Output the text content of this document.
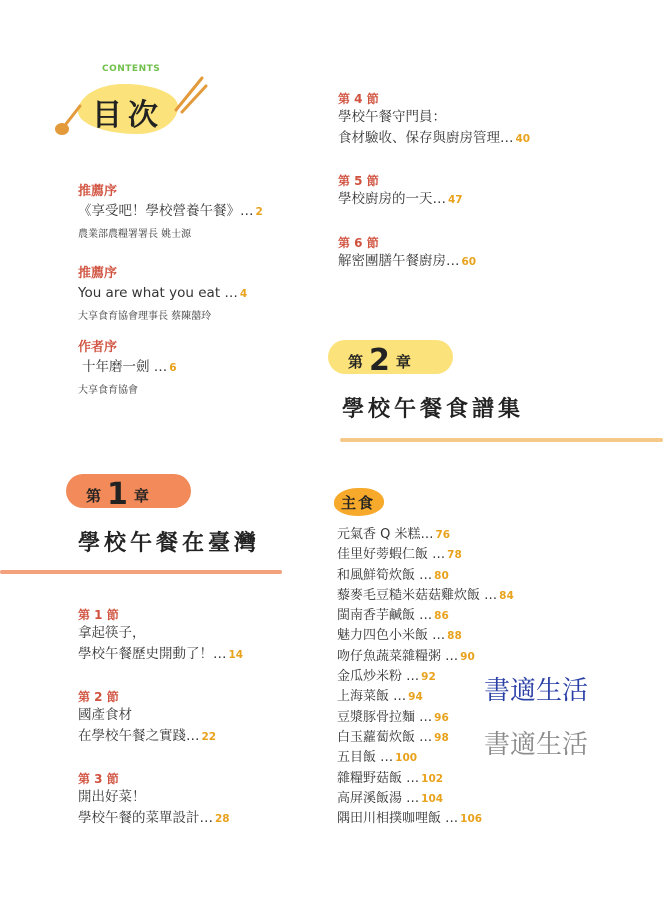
CONTENTS
目次
推薦序
《享受吧！學校營養午餐》… 2
農業部農糧署署長 姚士源
推薦序
You are what you eat … 4
大享食育協會理事長 蔡陳囍玲
作者序
十年磨一劍 … 6
大享食育協會
第 1 章
學校午餐在臺灣
第 1 節
拿起筷子，
學校午餐歷史開動了！… 14
第 2 節
國產食材
在學校午餐之實踐… 22
第 3 節
開出好菜！
學校午餐的菜單設計… 28
第 4 節
學校午餐守門員：
食材驗收、保存與廚房管理… 40
第 5 節
學校廚房的一天… 47
第 6 節
解密團膳午餐廚房… 60
第 2 章
學校午餐食譜集
主食
元氣香 Q 米糕… 76
佳里好蒡蝦仁飯 … 78
和風鮮筍炊飯 … 80
藜麥毛豆糙米菇菇雞炊飯 … 84
閩南香芋鹹飯 … 86
魅力四色小米飯 … 88
吻仔魚蔬菜雜糧粥 … 90
金瓜炒米粉 … 92
上海菜飯 … 94
豆漿豚骨拉麵 … 96
白玉蘿蔔炊飯 … 98
五目飯 … 100
雜糧野菇飯 … 102
高屏溪飯湯 … 104
隅田川相撲咖哩飯 … 106
書適生活
書適生活
